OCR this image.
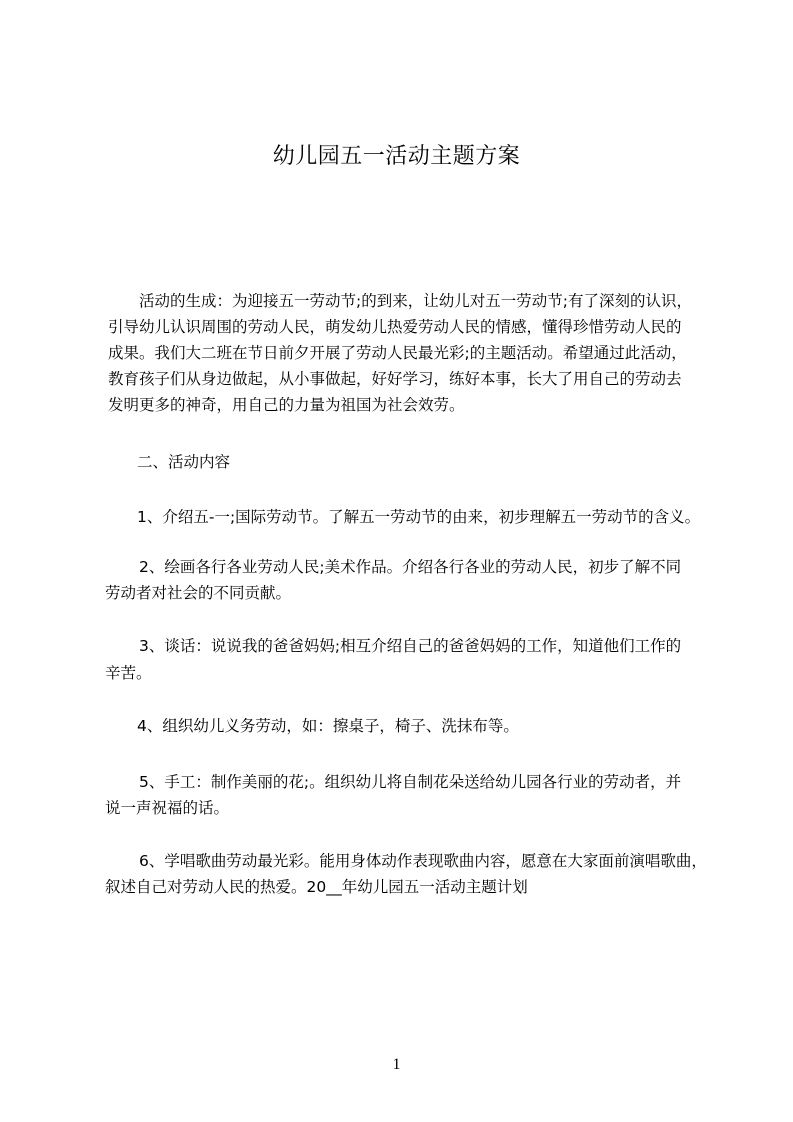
幼儿园五一活动主题方案
活动的生成：为迎接五一劳动节;的到来，让幼儿对五一劳动节;有了深刻的认识，
引导幼儿认识周围的劳动人民，萌发幼儿热爱劳动人民的情感，懂得珍惜劳动人民的
成果。我们大二班在节日前夕开展了劳动人民最光彩;的主题活动。希望通过此活动，
教育孩子们从身边做起，从小事做起，好好学习，练好本事，长大了用自己的劳动去
发明更多的神奇，用自己的力量为祖国为社会效劳。
二、活动内容
1、介绍五-一;国际劳动节。了解五一劳动节的由来，初步理解五一劳动节的含义。
2、绘画各行各业劳动人民;美术作品。介绍各行各业的劳动人民，初步了解不同
劳动者对社会的不同贡献。
3、谈话：说说我的爸爸妈妈;相互介绍自己的爸爸妈妈的工作，知道他们工作的
辛苦。
4、组织幼儿义务劳动，如：擦桌子，椅子、洗抹布等。
5、手工：制作美丽的花;。组织幼儿将自制花朵送给幼儿园各行业的劳动者，并
说一声祝福的话。
6、学唱歌曲劳动最光彩。能用身体动作表现歌曲内容，愿意在大家面前演唱歌曲，
叙述自己对劳动人民的热爱。20__年幼儿园五一活动主题计划
1
